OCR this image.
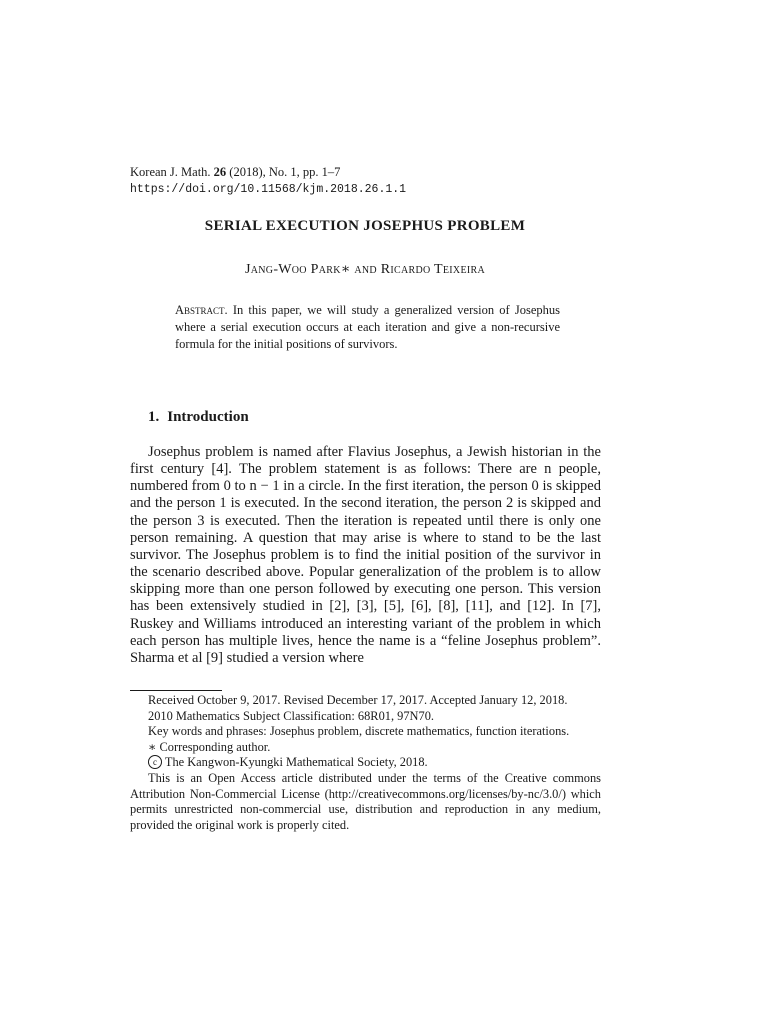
Korean J. Math. 26 (2018), No. 1, pp. 1–7
https://doi.org/10.11568/kjm.2018.26.1.1
SERIAL EXECUTION JOSEPHUS PROBLEM
Jang-Woo Park∗ and Ricardo Teixeira
Abstract. In this paper, we will study a generalized version of Josephus where a serial execution occurs at each iteration and give a non-recursive formula for the initial positions of survivors.
1. Introduction

Josephus problem is named after Flavius Josephus, a Jewish historian in the first century [4]. The problem statement is as follows: There are n people, numbered from 0 to n − 1 in a circle. In the first iteration, the person 0 is skipped and the person 1 is executed. In the second iteration, the person 2 is skipped and the person 3 is executed. Then the iteration is repeated until there is only one person remaining. A question that may arise is where to stand to be the last survivor. The Josephus problem is to find the initial position of the survivor in the scenario described above. Popular generalization of the problem is to allow skipping more than one person followed by executing one person. This version has been extensively studied in [2], [3], [5], [6], [8], [11], and [12]. In [7], Ruskey and Williams introduced an interesting variant of the problem in which each person has multiple lives, hence the name is a “feline Josephus problem”. Sharma et al [9] studied a version where

Received October 9, 2017. Revised December 17, 2017. Accepted January 12, 2018.
2010 Mathematics Subject Classification: 68R01, 97N70.
Key words and phrases: Josephus problem, discrete mathematics, function iterations.
∗ Corresponding author.
c The Kangwon-Kyungki Mathematical Society, 2018.
This is an Open Access article distributed under the terms of the Creative commons Attribution Non-Commercial License (http://creativecommons.org/licenses/by-nc/3.0/) which permits unrestricted non-commercial use, distribution and reproduction in any medium, provided the original work is properly cited.
